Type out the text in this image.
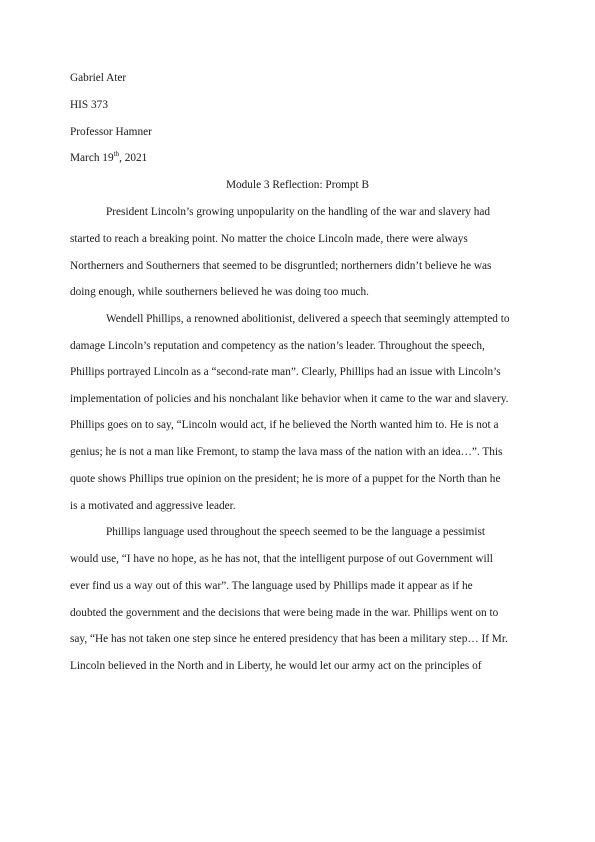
Gabriel Ater
HIS 373
Professor Hamner
March 19th, 2021
Module 3 Reflection: Prompt B
President Lincoln’s growing unpopularity on the handling of the war and slavery had
started to reach a breaking point. No matter the choice Lincoln made, there were always
Northerners and Southerners that seemed to be disgruntled; northerners didn’t believe he was
doing enough, while southerners believed he was doing too much.
Wendell Phillips, a renowned abolitionist, delivered a speech that seemingly attempted to
damage Lincoln’s reputation and competency as the nation’s leader. Throughout the speech,
Phillips portrayed Lincoln as a “second-rate man”. Clearly, Phillips had an issue with Lincoln’s
implementation of policies and his nonchalant like behavior when it came to the war and slavery.
Phillips goes on to say, “Lincoln would act, if he believed the North wanted him to. He is not a
genius; he is not a man like Fremont, to stamp the lava mass of the nation with an idea…”. This
quote shows Phillips true opinion on the president; he is more of a puppet for the North than he
is a motivated and aggressive leader.
Phillips language used throughout the speech seemed to be the language a pessimist
would use, “I have no hope, as he has not, that the intelligent purpose of out Government will
ever find us a way out of this war”. The language used by Phillips made it appear as if he
doubted the government and the decisions that were being made in the war. Phillips went on to
say, “He has not taken one step since he entered presidency that has been a military step… If Mr.
Lincoln believed in the North and in Liberty, he would let our army act on the principles of
